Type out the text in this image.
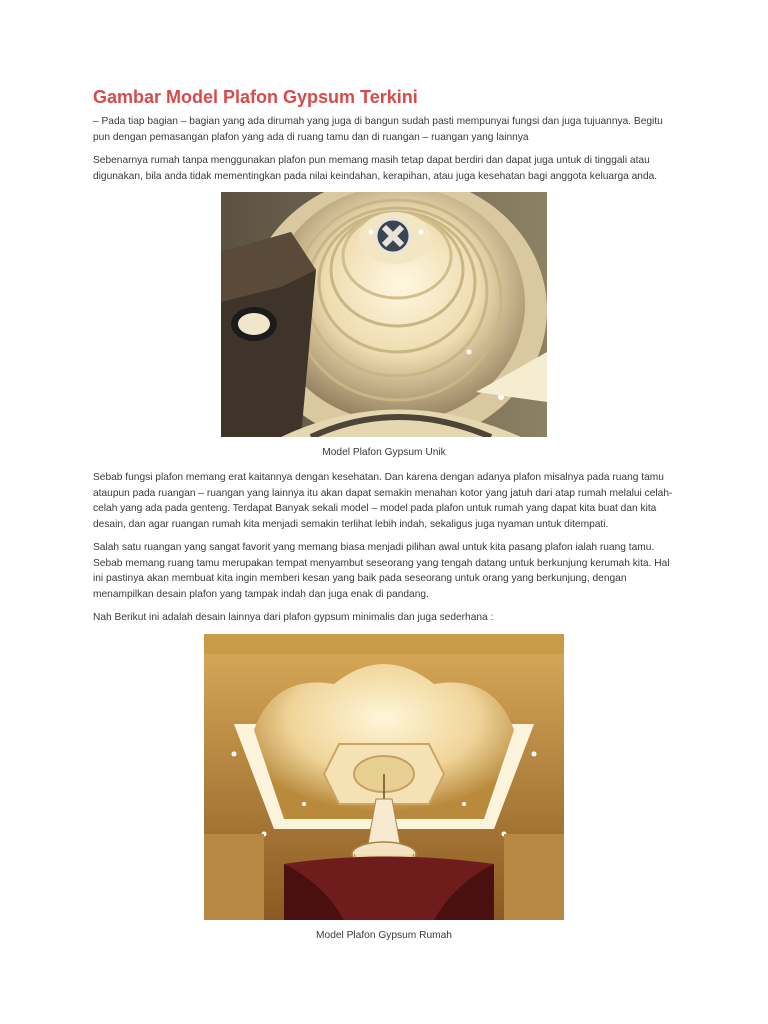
Gambar Model Plafon Gypsum Terkini

– Pada tiap bagian – bagian yang ada dirumah yang juga di bangun sudah pasti mempunyai fungsi dan juga tujuannya. Begitu pun dengan pemasangan plafon yang ada di ruang tamu dan di ruangan – ruangan yang lainnya

Sebenarnya rumah tanpa menggunakan plafon pun memang masih tetap dapat berdiri dan dapat juga untuk di tinggali atau digunakan, bila anda tidak mementingkan pada nilai keindahan, kerapihan, atau juga kesehatan bagi anggota keluarga anda.

Model Plafon Gypsum Unik

Sebab fungsi plafon memang erat kaitannya dengan kesehatan. Dan karena dengan adanya plafon misalnya pada ruang tamu ataupun pada ruangan – ruangan yang lainnya itu akan dapat semakin menahan kotor yang jatuh dari atap rumah melalui celah-celah yang ada pada genteng. Terdapat Banyak sekali model – model pada plafon untuk rumah yang dapat kita buat dan kita desain, dan agar ruangan rumah kita menjadi semakin terlihat lebih indah, sekaligus juga nyaman untuk ditempati.

Salah satu ruangan yang sangat favorit yang memang biasa menjadi pilihan awal untuk kita pasang plafon ialah ruang tamu. Sebab memang ruang tamu merupakan tempat menyambut seseorang yang tengah datang untuk berkunjung kerumah kita. Hal ini pastinya akan membuat kita ingin memberi kesan yang baik pada seseorang untuk orang yang berkunjung, dengan menampilkan desain plafon yang tampak indah dan juga enak di pandang.

Nah Berikut ini adalah desain lainnya dari plafon gypsum minimalis dan juga sederhana :

Model Plafon Gypsum Rumah
